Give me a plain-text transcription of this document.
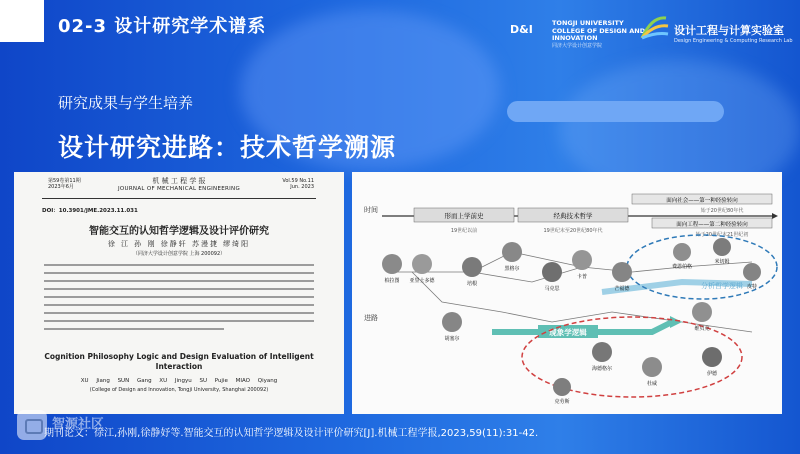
02-3 设计研究学术谱系	D&I	TONGJI UNIVERSITY
COLLEGE OF DESIGN AND
INNOVATION
同济大学设计创意学院
设计工程与计算实验室
Design Engineering & Computing Research Lab
研究成果与学生培养
设计研究进路：技术哲学溯源
第59卷第11期
2023年6月
机 械 工 程 学 报
JOURNAL OF MECHANICAL ENGINEERING
Vol.59 No.11
Jun. 2023
DOI：10.3901/JME.2023.11.031
智能交互的认知哲学逻辑及设计评价研究
徐 江 孙 刚 徐静轩 苏漫捷 缪绮阳
（同济大学设计创意学院 上海 200092）
Cognition Philosophy Logic and Design Evaluation of Intelligent
Interaction
XU Jiang SUN Gang XU Jingyu SU Pujie MIAO Qiyang
(College of Design and Innovation, Tongji University, Shanghai 200092)
时间
形而上学前史	经典技术哲学
面向社会——第一种经验转向
面向工程——第二种经验转向
19世纪以前	19世纪末至20世纪80年代
始于20世纪80年代
始于20世纪末21世纪初
进路
现象学逻辑
分析哲学逻辑
柏拉图 亚里士多德	培根
黑格尔
马克思
卡普
芒福德
海德格尔
杜威
伊德
维贝克
费恩伯格
米切姆
胡塞尔
皮特
克劳斯
智源社区
期刊论文：徐江,孙刚,徐静妤等.智能交互的认知哲学逻辑及设计评价研究[J].机械工程学报,2023,59(11):31-42.
